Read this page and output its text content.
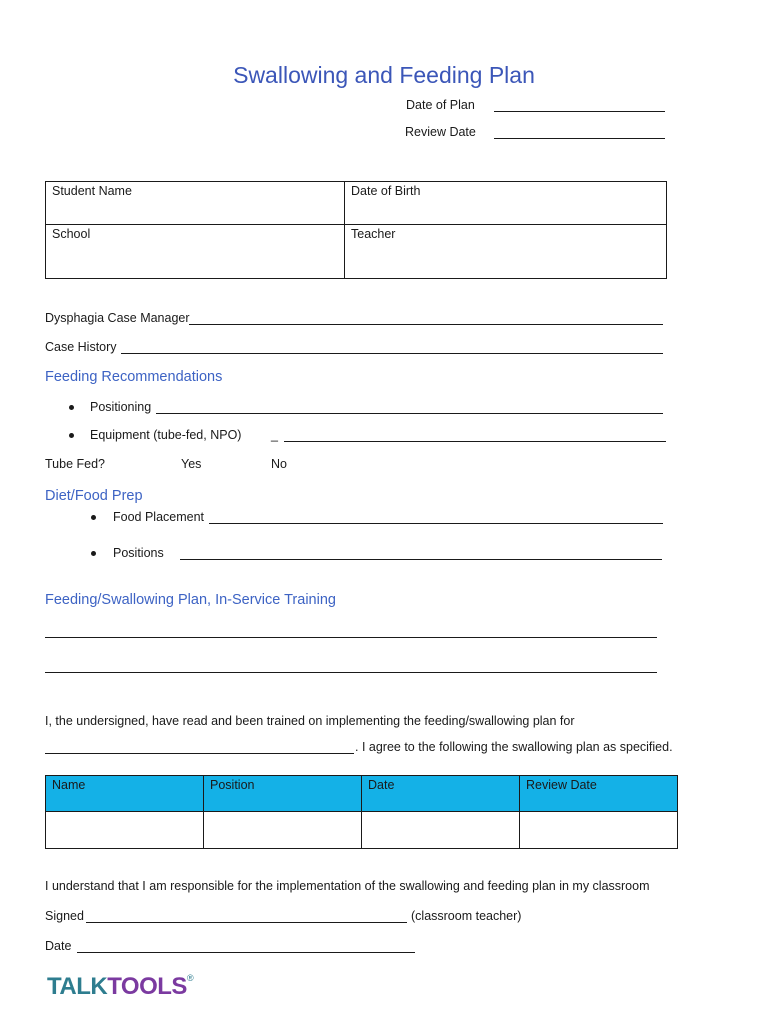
Swallowing and Feeding Plan
Date of Plan
Review Date
Student Name	Date of Birth
School	Teacher
Dysphagia Case Manager
Case History
Feeding Recommendations
Positioning
Equipment (tube-fed, NPO) _
Tube Fed?	Yes	No
Diet/Food Prep
Food Placement
Positions
Feeding/Swallowing Plan, In-Service Training
I, the undersigned, have read and been trained on implementing the feeding/swallowing plan for
. I agree to the following the swallowing plan as specified.
Name	Position	Date	Review Date

I understand that I am responsible for the implementation of the swallowing and feeding plan in my classroom
Signed	(classroom teacher)
Date
TALKTOOLS®
